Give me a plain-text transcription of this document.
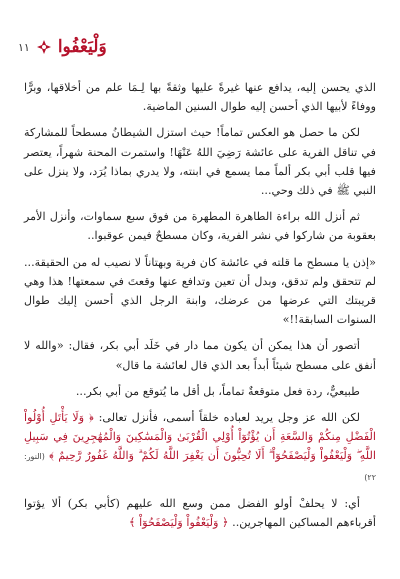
١١ وَلْيَعْفُوا

الذي يحسن إليه، يدافع عنها غيرةً عليها وثقةً بها لِـمَا علم من أخلاقها، وبرًّا ووفاءً لأبيها الذي أحسن إليه طوال السنين الماضية.

لكن ما حصل هو العكس تماماً! حيث استزل الشيطانُ مسطحاً للمشاركة في تناقل الفرية على عائشة رَضِيَ اللهُ عَنْهَا! واستمرت المحنة شهراً، يعتصر فيها قلب أبي بكر ألماً مما يسمع في ابنته، ولا يدري بماذا يُرَد، ولا ينزل على النبي ﷺ في ذلك وحي...

ثم أنزل الله براءة الطاهرة المطهرة من فوق سبع سماوات، وأنزل الأمر بعقوبة من شاركوا في نشر الفرية، وكان مسطحٌ فيمن عوقبوا..

«إذن يا مسطح ما قلته في عائشة كان فرية وبهتاناً لا نصيب له من الحقيقة... لم تتحقق ولم تدقق، وبدل أن تعين وتدافع عنها وقعتَ في سمعتها! هذا وهي قريبتك التي عرضها من عرضك، وابنة الرجل الذي أحسن إليك طوال السنوات السابقة!!»

أتصور أن هذا يمكن أن يكون مما دار في خَلَد أبي بكر، فقال: «والله لا أنفق على مسطح شيئاً أبداً بعد الذي قال لعائشة ما قال»

طبيعيٌّ، ردة فعل متوقعةٌ تماماً، بل أقل ما يُتوقع من أبي بكر...

لكن الله عز وجل يريد لعباده خلقاً أسمى، فأنزل تعالى: ﴿ وَلَا يَأْتَلِ أُوْلُواْ الْفَضْلِ مِنكُمْ وَالسَّعَةِ أَن يُؤْتُوٓاْ أُوْلِي الْقُرْبَىٰ وَالْمَسَٰكِينَ وَالْمُهَٰجِرِينَ فِي سَبِيلِ اللَّهِ ۖ وَلْيَعْفُواْ وَلْيَصْفَحُوٓاْ ۗ أَلَا تُحِبُّونَ أَن يَغْفِرَ اللَّهُ لَكُمْ ۗ وَاللَّهُ غَفُورٌ رَّحِيمٌ ﴾ (النور: ٢٢)

أي: لا يحلفْ أولو الفضل ممن وسع الله عليهم (كأبي بكر) ألا يؤتوا أقرباءهم المساكين المهاجرين.. ﴿ وَلْيَعْفُواْ وَلْيَصْفَحُوٓاْ ﴾
